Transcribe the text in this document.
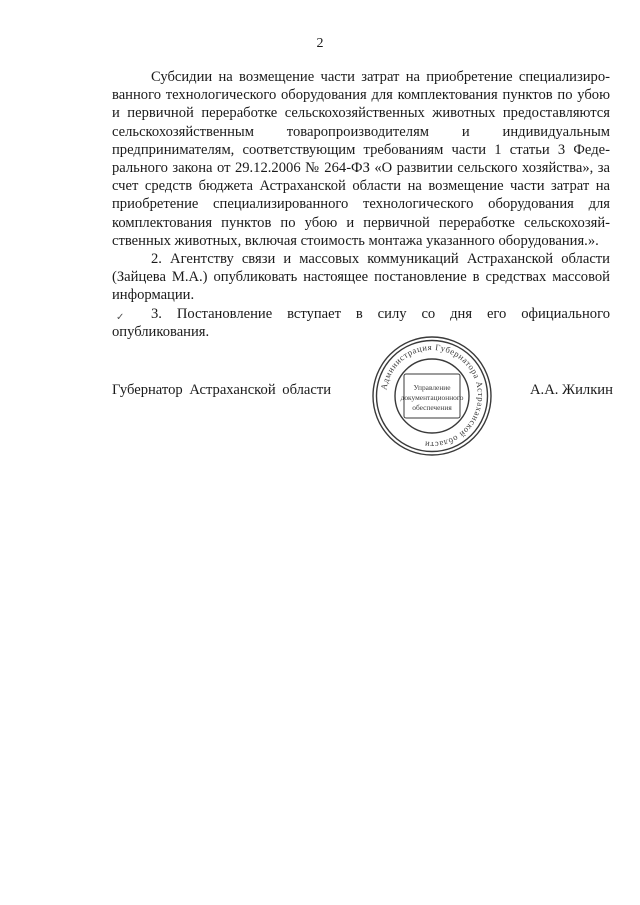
2

Субсидии на возмещение части затрат на приобретение специализированного технологического оборудования для комплектования пунктов по убою и первичной переработке сельскохозяйственных животных предоставляются сельскохозяйственным товаропроизводителям и индивидуальным предпринимателям, соответствующим требованиям части 1 статьи 3 Федерального закона от 29.12.2006 № 264-ФЗ «О развитии сельского хозяйства», за счет средств бюджета Астраханской области на возмещение части затрат на приобретение специализированного технологического оборудования для комплектования пунктов по убою и первичной переработке сельскохозяйственных животных, включая стоимость монтажа указанного оборудования.».

2. Агентству связи и массовых коммуникаций Астраханской области (Зайцева М.А.) опубликовать настоящее постановление в средствах массовой информации.

3. Постановление вступает в силу со дня его официального опубликования.

✓
Губернатор Астраханской области	Администрация Губернатора Астраханской области
Управление
документационного
обеспечения
А.А. Жилкин
